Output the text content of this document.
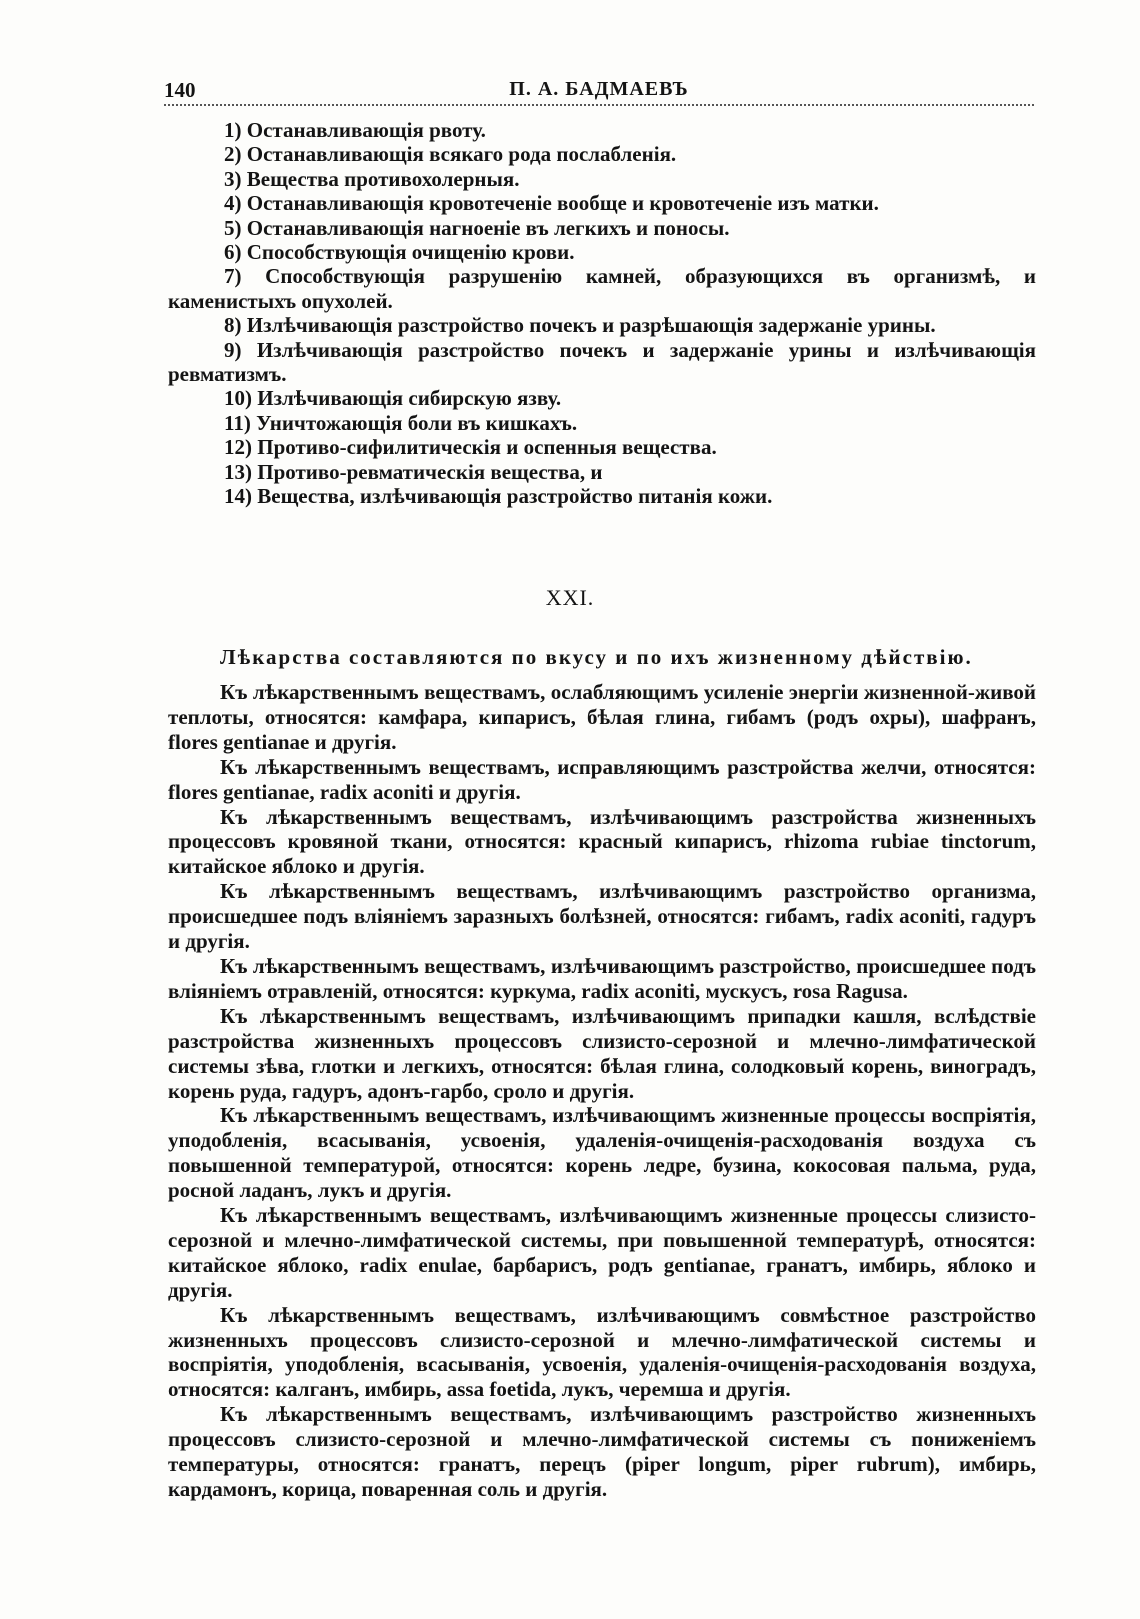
140	П. А. БАДМАЕВЪ

1) Останавливающія рвоту.

2) Останавливающія всякаго рода послабленія.

3) Вещества противохолерныя.

4) Останавливающія кровотеченіе вообще и кровотеченіе изъ матки.

5) Останавливающія нагноеніе въ легкихъ и поносы.

6) Способствующія очищенію крови.

7) Способствующія разрушенію камней, образующихся въ организмѣ, и каменистыхъ опухолей.

8) Излѣчивающія разстройство почекъ и разрѣшающія задержаніе урины.

9) Излѣчивающія разстройство почекъ и задержаніе урины и излѣчивающія ревматизмъ.

10) Излѣчивающія сибирскую язву.

11) Уничтожающія боли въ кишкахъ.

12) Противо-сифилитическія и оспенныя вещества.

13) Противо-ревматическія вещества, и

14) Вещества, излѣчивающія разстройство питанія кожи.

XXI.
Лѣкарства составляются по вкусу и по ихъ жизненному дѣйствію.

Къ лѣкарственнымъ веществамъ, ослабляющимъ усиленіе энергіи жизненной-живой теплоты, относятся: камфара, кипарисъ, бѣлая глина, гибамъ (родъ охры), шафранъ, flores gentianae и другія.

Къ лѣкарственнымъ веществамъ, исправляющимъ разстройства желчи, относятся: flores gentianae, radix aconiti и другія.

Къ лѣкарственнымъ веществамъ, излѣчивающимъ разстройства жизненныхъ процессовъ кровяной ткани, относятся: красный кипарисъ, rhizoma rubiae tinctorum, китайское яблоко и другія.

Къ лѣкарственнымъ веществамъ, излѣчивающимъ разстройство организма, происшедшее подъ вліяніемъ заразныхъ болѣзней, относятся: гибамъ, radix aconiti, гадуръ и другія.

Къ лѣкарственнымъ веществамъ, излѣчивающимъ разстройство, происшедшее подъ вліяніемъ отравленій, относятся: куркума, radix aconiti, мускусъ, rosa Ragusa.

Къ лѣкарственнымъ веществамъ, излѣчивающимъ припадки кашля, вслѣдствіе разстройства жизненныхъ процессовъ слизисто-серозной и млечно-лимфатической системы зѣва, глотки и легкихъ, относятся: бѣлая глина, солодковый корень, виноградъ, корень руда, гадуръ, адонъ-гарбо, сроло и другія.

Къ лѣкарственнымъ веществамъ, излѣчивающимъ жизненные процессы воспріятія, уподобленія, всасыванія, усвоенія, удаленія-очищенія-расходованія воздуха съ повышенной температурой, относятся: корень ледре, бузина, кокосовая пальма, руда, росной ладанъ, лукъ и другія.

Къ лѣкарственнымъ веществамъ, излѣчивающимъ жизненные процессы слизисто-серозной и млечно-лимфатической системы, при повышенной температурѣ, относятся: китайское яблоко, radix enulae, барбарисъ, родъ gentianae, гранатъ, имбирь, яблоко и другія.

Къ лѣкарственнымъ веществамъ, излѣчивающимъ совмѣстное разстройство жизненныхъ процессовъ слизисто-серозной и млечно-лимфатической системы и воспріятія, уподобленія, всасыванія, усвоенія, удаленія-очищенія-расходованія воздуха, относятся: калганъ, имбирь, assa foetida, лукъ, черемша и другія.

Къ лѣкарственнымъ веществамъ, излѣчивающимъ разстройство жизненныхъ процессовъ слизисто-серозной и млечно-лимфатической системы съ пониженіемъ температуры, относятся: гранатъ, перецъ (piper longum, piper rubrum), имбирь, кардамонъ, корица, поваренная соль и другія.
